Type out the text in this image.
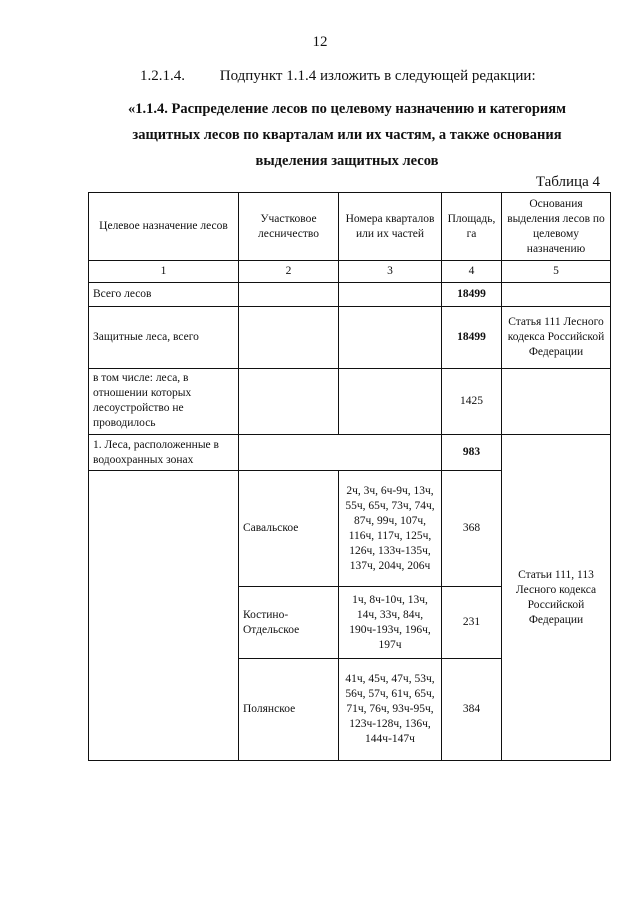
12
1.2.1.4. Подпункт 1.1.4 изложить в следующей редакции:
«1.1.4. Распределение лесов по целевому назначению и категориям
защитных лесов по кварталам или их частям, а также основания
выделения защитных лесов
Таблица 4
Целевое назначение лесов	Участковое лесничество	Номера кварталов или их частей	Площадь, га	Основания выделения лесов по целевому назначению
1	2	3	4	5
Всего лесов			18499	
Защитные леса, всего			18499	Статья 111 Лесного кодекса Российской Федерации
в том числе: леса, в отношении которых лесоустройство не проводилось			1425	
1. Леса, расположенные в водоохранных зонах			983	Статьи 111, 113 Лесного кодекса Российской Федерации
	Савальское	2ч, 3ч, 6ч-9ч, 13ч, 55ч, 65ч, 73ч, 74ч, 87ч, 99ч, 107ч, 116ч, 117ч, 125ч, 126ч, 133ч-135ч, 137ч, 204ч, 206ч	368	
	Костино-Отдельское	1ч, 8ч-10ч, 13ч, 14ч, 33ч, 84ч, 190ч-193ч, 196ч, 197ч	231	
	Полянское	41ч, 45ч, 47ч, 53ч, 56ч, 57ч, 61ч, 65ч, 71ч, 76ч, 93ч-95ч, 123ч-128ч, 136ч, 144ч-147ч	384	
